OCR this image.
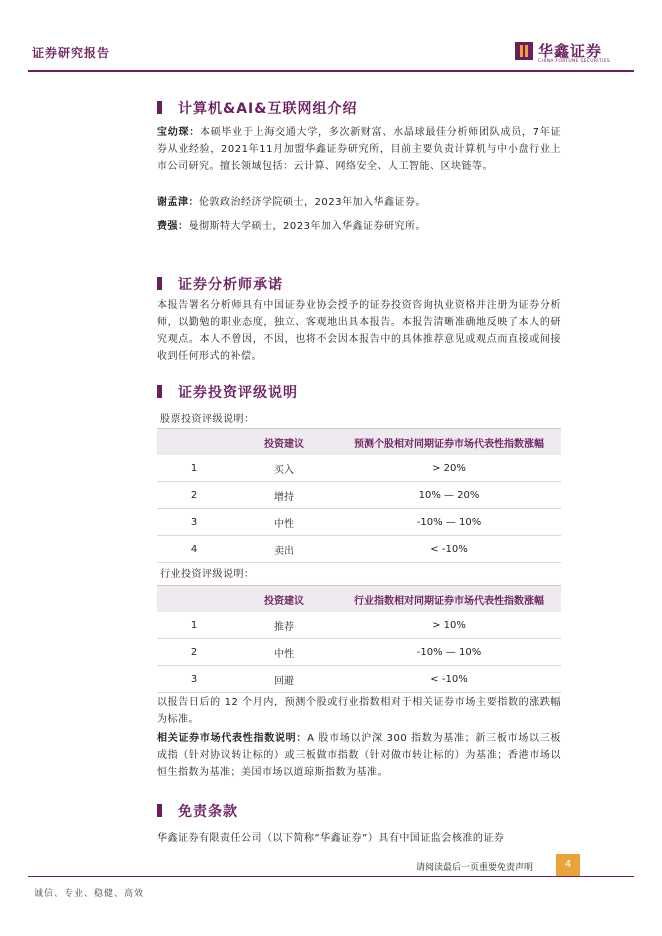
证券研究报告	华鑫证券
CHINA FORTUNE SECURITIES
计算机&AI&互联网组介绍
宝幼琛：本硕毕业于上海交通大学，多次新财富、水晶球最佳分析师团队成员，7年证券从业经验，2021年11月加盟华鑫证券研究所，目前主要负责计算机与中小盘行业上市公司研究。擅长领域包括：云计算、网络安全、人工智能、区块链等。
谢孟津：伦敦政治经济学院硕士，2023年加入华鑫证券。
费强：曼彻斯特大学硕士，2023年加入华鑫证券研究所。
证券分析师承诺
本报告署名分析师具有中国证券业协会授予的证券投资咨询执业资格并注册为证券分析师，以勤勉的职业态度，独立、客观地出具本报告。本报告清晰准确地反映了本人的研究观点。本人不曾因，不因，也将不会因本报告中的具体推荐意见或观点而直接或间接收到任何形式的补偿。
证券投资评级说明
股票投资评级说明：
	投资建议	预测个股相对同期证券市场代表性指数涨幅
1	买入	> 20%
2	增持	10% — 20%
3	中性	-10% — 10%
4	卖出	< -10%
行业投资评级说明：
	投资建议	行业指数相对同期证券市场代表性指数涨幅
1	推荐	> 10%
2	中性	-10% — 10%
3	回避	< -10%
以报告日后的 12 个月内，预测个股或行业指数相对于相关证券市场主要指数的涨跌幅为标准。
相关证券市场代表性指数说明：A 股市场以沪深 300 指数为基准；新三板市场以三板成指（针对协议转让标的）或三板做市指数（针对做市转让标的）为基准；香港市场以恒生指数为基准；美国市场以道琼斯指数为基准。
免责条款
华鑫证券有限责任公司（以下简称“华鑫证券”）具有中国证监会核准的证券
请阅读最后一页重要免责声明	4
诚信、专业、稳健、高效
